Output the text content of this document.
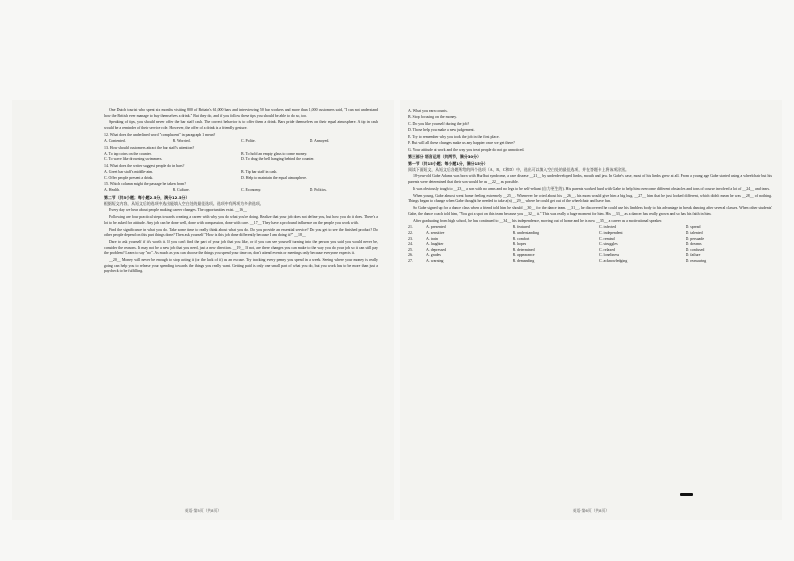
One Dutch tourist who spent six months visiting 800 of Britain's 61,000 bars and interviewing 50 bar workers and more than 1,000 customers said, "I can not understand how the British ever manage to buy themselves a drink." But they do, and if you follow these tips you should be able to do so, too.

Speaking of tips, you should never offer the bar staff cash. The correct behavior is to offer them a drink. Bars pride themselves on their equal atmosphere. A tip in cash would be a reminder of their service role. However, the offer of a drink is a friendly gesture.

12. What does the underlined word "complacent" in paragraph 1 mean?
A. Contented.	B. Worried.	C. Polite.	D. Annoyed.
13. How should customers attract the bar staff's attention?
A. To tap coins on the counter.	B. To hold an empty glass to come money.
C. To wave like drowning swimmers.	D. To drag the bell hanging behind the counter.
14. What does the writer suggest people do in bars?
A. Greet bar staff's middle-aim.	B. Tip bar staff in cash.
C. Offer people present a drink.	D. Help to maintain the equal atmosphere.
15. Which column might the passage be taken from?
A. Health.	B. Culture.	C. Economy.	D. Politics.
第二节（共5小题；每小题2.5分，满分12.5分）

根据短文内容，从短文后的选项中选出能填入空白处的最佳选项。选项中有两项为多余选项。

Every day we hear about people making career changes. The opportunities exist. __16__

Following are four practical steps towards creating a career with why you do what you're doing. Realize that your job does not define you, but how you do it does. There's a lot to be asked for attitude. Any job can be done well, done with compassion, done with care. __17__ They have a profound influence on the people you work with.

Find the significance in what you do. Take some time to really think about what you do. Do you provide an essential service? Do you get to see the finished product? Do other people depend on this part things done? Then ask yourself "How is this job done differently because I am doing it?" __18__

Dare to ask yourself if it's worth it. If you can't find the part of your job that you like, or if you can see yourself turning into the person you said you would never be, consider the reasons. It may not be a new job that you need, just a new direction. __19__ If not, are there changes you can make to the way you do your job so it can still pay the problem? Learn to say "no". As much as you can choose the things you spend your time on, don't attend events or meetings only because everyone expects it.

__20__ Money will never be enough to stop acting it (or the lack of it) as an excuse. Try tracking every penny you spend in a week. Seeing where your money is really going can help you to release your spending towards the things you really want. Getting paid is only one small part of what you do, but you work has to be more than just a paycheck to be fulfilling.

英语·第5页（共8页）
A. What you earn counts.
B. Stop focusing on the money.
C. Do you like yourself during the job?
D. Those help you make a new judgement.
E. Try to remember why you took the job in the first place.
F. But will all these changes make us any happier once we get there?
G. Your attitude at work and the way you treat people do not go unnoticed.
第三部分 语言运用（共两节，满分30分）
第一节（共15小题；每小题1分，满分15分）

阅读下面短文，从短文后各题所给的四个选项（A、B、C和D）中，选出可以填入空白处的最佳选项，并在答题卡上将该项涂黑。

18-year-old Gabe Adams was born with Hurlbut syndrome, a rare disease __21__ by underdeveloped limbs, mouth and jaw. In Gabe's case, most of his limbs grew at all. From a young age Gabe started using a wheelchair but his parents were determined that their son would be as __22__ as possible.

It was obviously tough to __23__ a son with no arms and no legs to be self-reliant (自力更生的). His parents worked hard with Gabe to help him overcome different obstacles and tons of course involved a lot of __24__ and tears.

When young, Gabe almost went home feeling extremely __25__. Whenever he cried about his __26__, his mom would give him a big hug. __27__ him that he just looked different, which didn't mean he was __28__ of nothing. Things began to change when Gabe thought he needed to take a(n) __29__ where he could get out of the wheelchair and have fun.

So Gabe signed up for a dance class when a friend told him he should __30__ for the dance team. __31__, he discovered he could use his limbless body to his advantage in break dancing after several classes. When other students' Gabe, the dance coach told him, "You got a spot on this team because you __32__ it." This was really a huge moment for him. His __33__ as a dancer has really grown and so has his faith in him.

After graduating from high school, he has continued to __34__ his independence, moving out of home and he is now __35__ a career as a motivational speaker.

21.	A. presented	B. featured	C. infected	D. spread
22.	A. sensitive	B. understanding	C. independent	D. talented
23.	A. train	B. comfort	C. remind	D. persuade
24.	A. laughter	B. hopes	C. struggles	D. dreams
25.	A. depressed	B. determined	C. relaxed	D. confused
26.	A. grades	B. appearance	C. loneliness	D. failure
27.	A. warning	B. demanding	C. acknowledging	D. reassuring
英语·第6页（共8页）
